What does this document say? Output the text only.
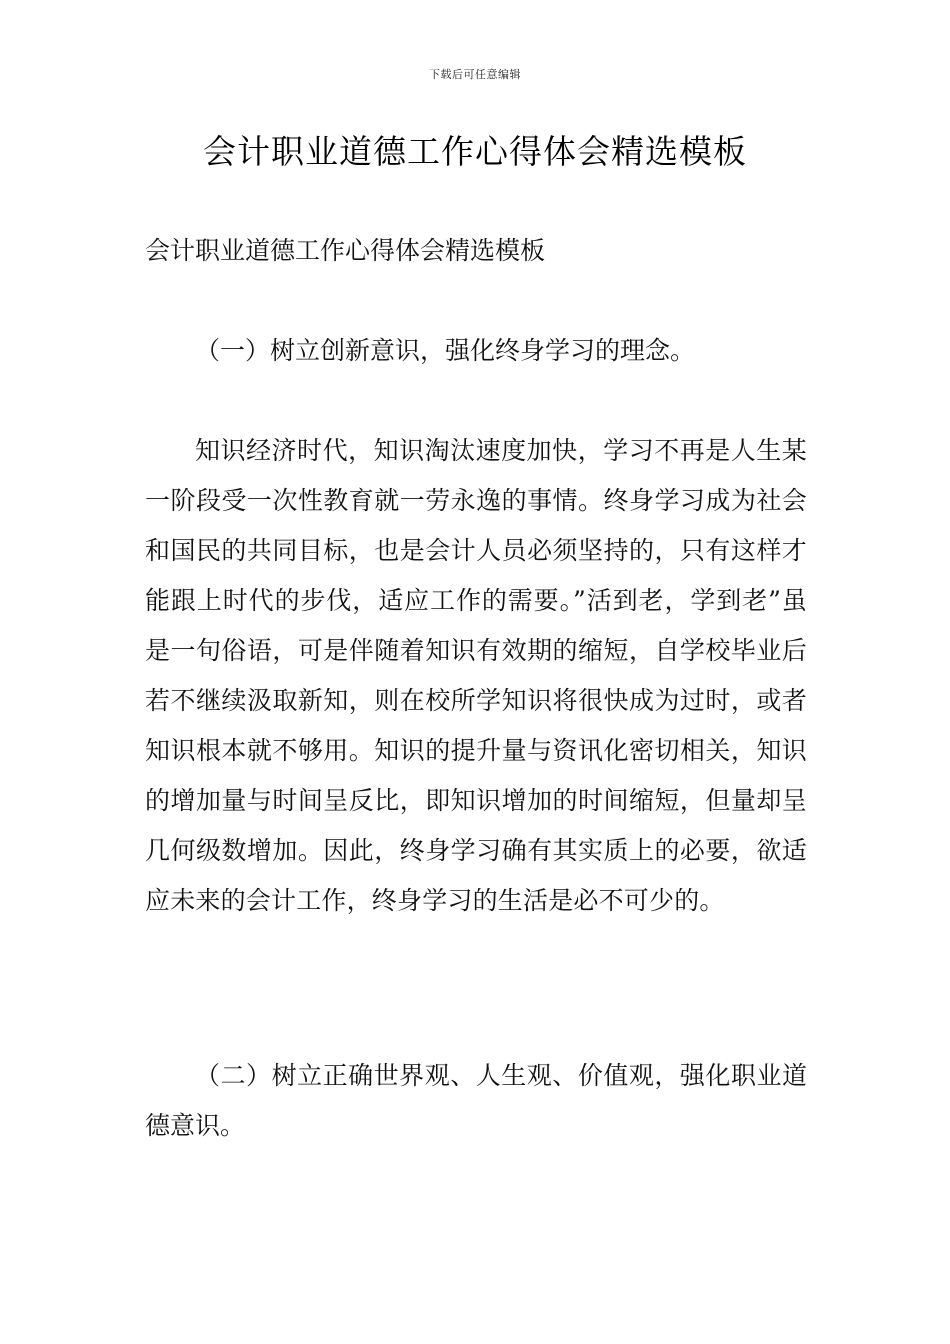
下载后可任意编辑
会计职业道德工作心得体会精选模板

会计职业道德工作心得体会精选模板

（一）树立创新意识，强化终身学习的理念。

知识经济时代，知识淘汰速度加快，学习不再是人生某一阶段受一次性教育就一劳永逸的事情。终身学习成为社会和国民的共同目标，也是会计人员必须坚持的，只有这样才能跟上时代的步伐，适应工作的需要。”活到老，学到老”虽是一句俗语，可是伴随着知识有效期的缩短，自学校毕业后若不继续汲取新知，则在校所学知识将很快成为过时，或者知识根本就不够用。知识的提升量与资讯化密切相关，知识的增加量与时间呈反比，即知识增加的时间缩短，但量却呈几何级数增加。因此，终身学习确有其实质上的必要，欲适应未来的会计工作，终身学习的生活是必不可少的。

（二）树立正确世界观、人生观、价值观，强化职业道德意识。
